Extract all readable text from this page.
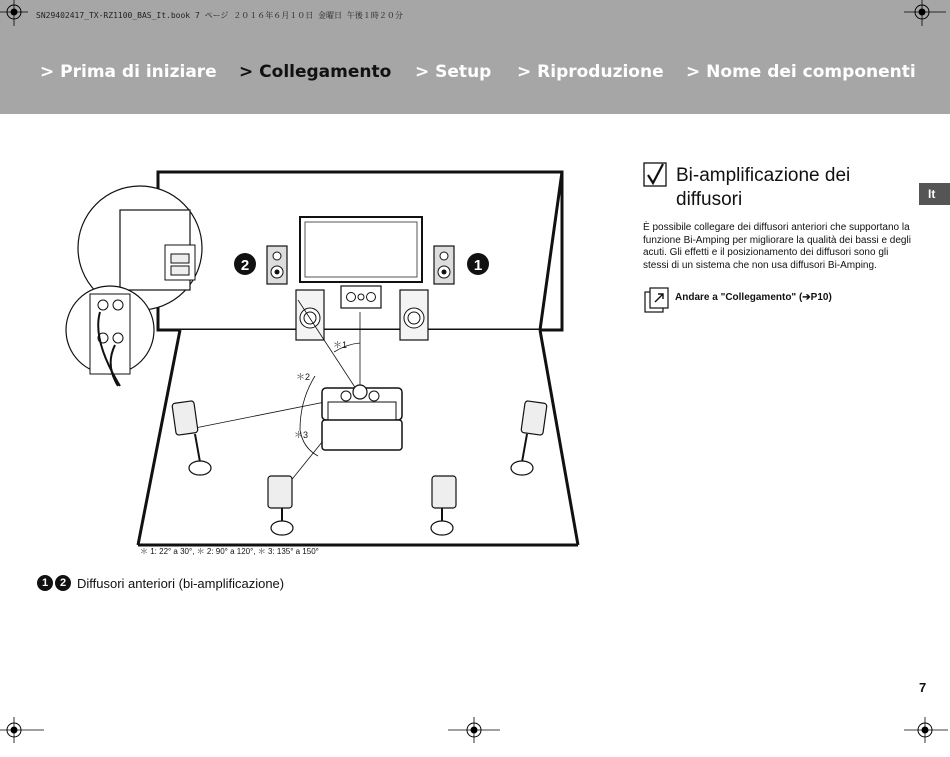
SN29402417_TX-RZ1100_BAS_It.book 7 ページ ２０１６年６月１０日 金曜日 午後１時２０分
> Prima di iniziare > Collegamento > Setup > Riproduzione > Nome dei componenti
It
2	1
＊1
＊2
＊3
＊ 1: 22° a 30°, ＊ 2: 90° a 120°, ＊ 3: 135° a 150°
1	2 Diffusori anteriori (bi-amplificazione)
Bi-amplificazione dei diffusori
È possibile collegare dei diffusori anteriori che supportano la funzione Bi-Amping per migliorare la qualità dei bassi e degli acuti. Gli effetti e il posizionamento dei diffusori sono gli stessi di un sistema che non usa diffusori Bi-Amping.
Andare a "Collegamento" (➔P10)
7
